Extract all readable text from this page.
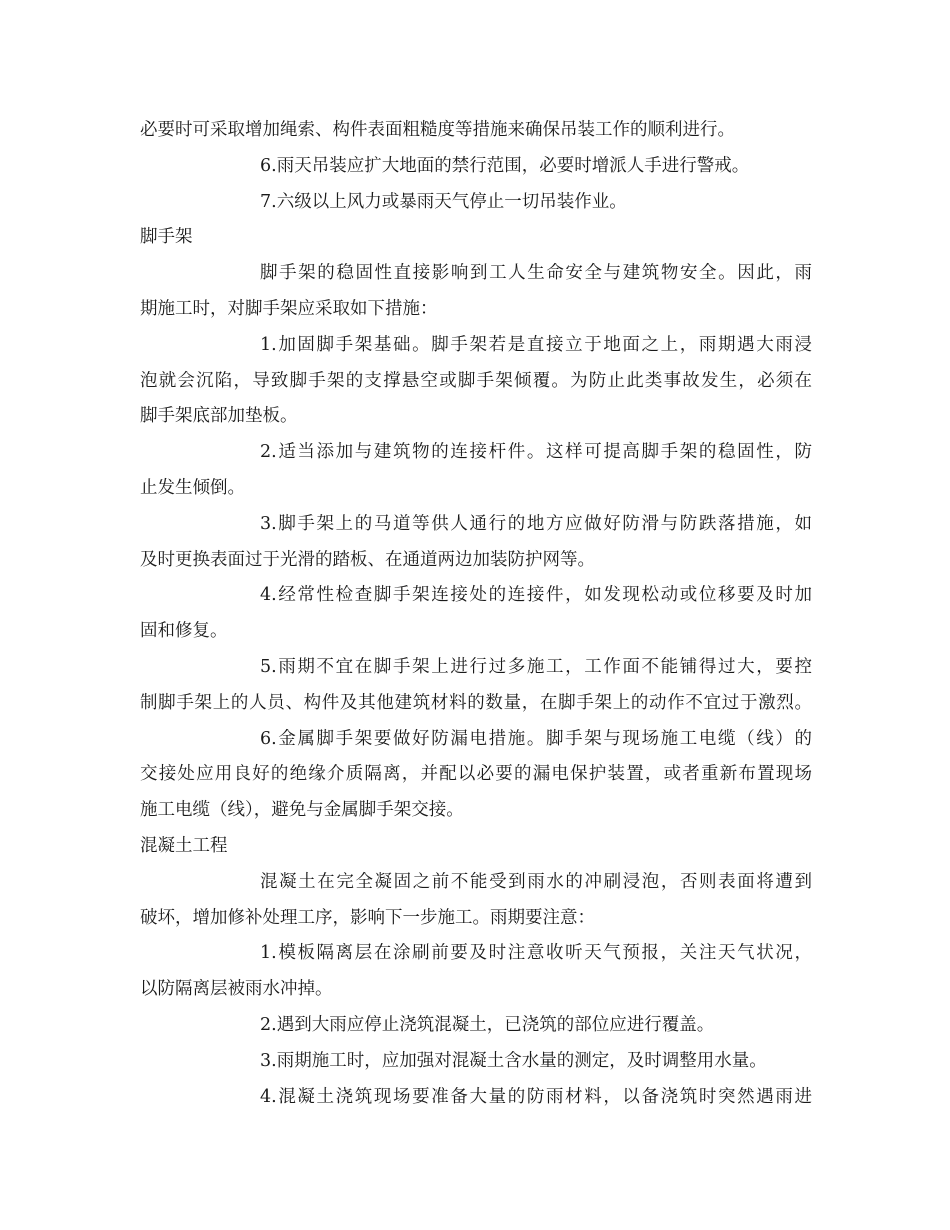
必要时可采取增加绳索、构件表面粗糙度等措施来确保吊装工作的顺利进行。
6.雨天吊装应扩大地面的禁行范围，必要时增派人手进行警戒。
7.六级以上风力或暴雨天气停止一切吊装作业。
脚手架
脚手架的稳固性直接影响到工人生命安全与建筑物安全。因此，雨
期施工时，对脚手架应采取如下措施：
1.加固脚手架基础。脚手架若是直接立于地面之上，雨期遇大雨浸
泡就会沉陷，导致脚手架的支撑悬空或脚手架倾覆。为防止此类事故发生，必须在
脚手架底部加垫板。
2.适当添加与建筑物的连接杆件。这样可提高脚手架的稳固性，防
止发生倾倒。
3.脚手架上的马道等供人通行的地方应做好防滑与防跌落措施，如
及时更换表面过于光滑的踏板、在通道两边加装防护网等。
4.经常性检查脚手架连接处的连接件，如发现松动或位移要及时加
固和修复。
5.雨期不宜在脚手架上进行过多施工，工作面不能铺得过大，要控
制脚手架上的人员、构件及其他建筑材料的数量，在脚手架上的动作不宜过于激烈。
6.金属脚手架要做好防漏电措施。脚手架与现场施工电缆（线）的
交接处应用良好的绝缘介质隔离，并配以必要的漏电保护装置，或者重新布置现场
施工电缆（线），避免与金属脚手架交接。
混凝土工程
混凝土在完全凝固之前不能受到雨水的冲刷浸泡，否则表面将遭到
破坏，增加修补处理工序，影响下一步施工。雨期要注意：
1.模板隔离层在涂刷前要及时注意收听天气预报，关注天气状况，
以防隔离层被雨水冲掉。
2.遇到大雨应停止浇筑混凝土，已浇筑的部位应进行覆盖。
3.雨期施工时，应加强对混凝土含水量的测定，及时调整用水量。
4.混凝土浇筑现场要准备大量的防雨材料，以备浇筑时突然遇雨进
